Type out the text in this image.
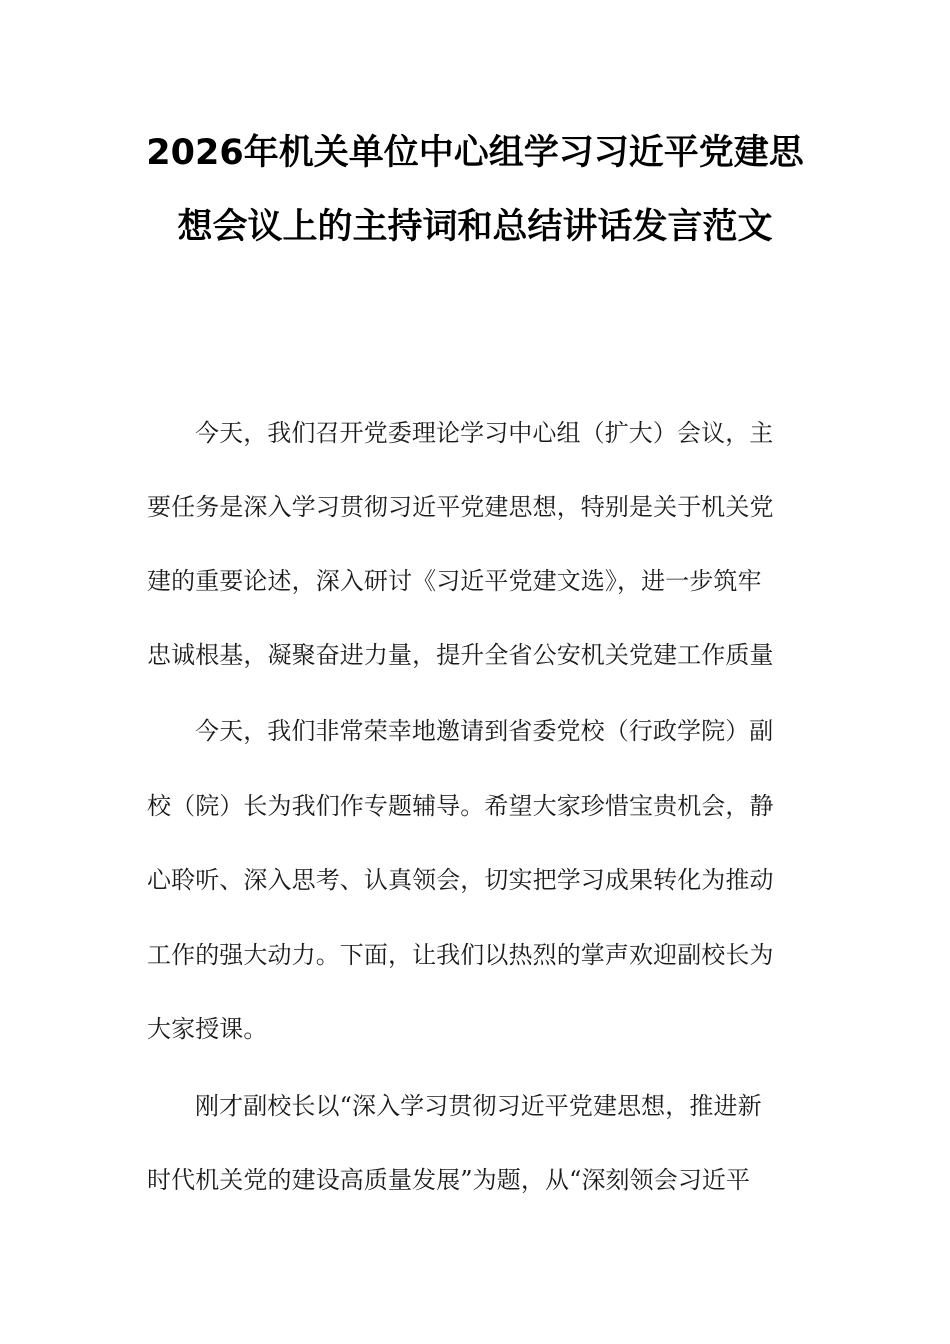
2026年机关单位中心组学习习近平党建思
想会议上的主持词和总结讲话发言范文
今天，我们召开党委理论学习中心组（扩大）会议，主
要任务是深入学习贯彻习近平党建思想，特别是关于机关党
建的重要论述，深入研讨《习近平党建文选》，进一步筑牢
忠诚根基，凝聚奋进力量，提升全省公安机关党建工作质量
今天，我们非常荣幸地邀请到省委党校（行政学院）副
校（院）长为我们作专题辅导。希望大家珍惜宝贵机会，静
心聆听、深入思考、认真领会，切实把学习成果转化为推动
工作的强大动力。下面，让我们以热烈的掌声欢迎副校长为
大家授课。
刚才副校长以“深入学习贯彻习近平党建思想，推进新
时代机关党的建设高质量发展”为题，从“深刻领会习近平
